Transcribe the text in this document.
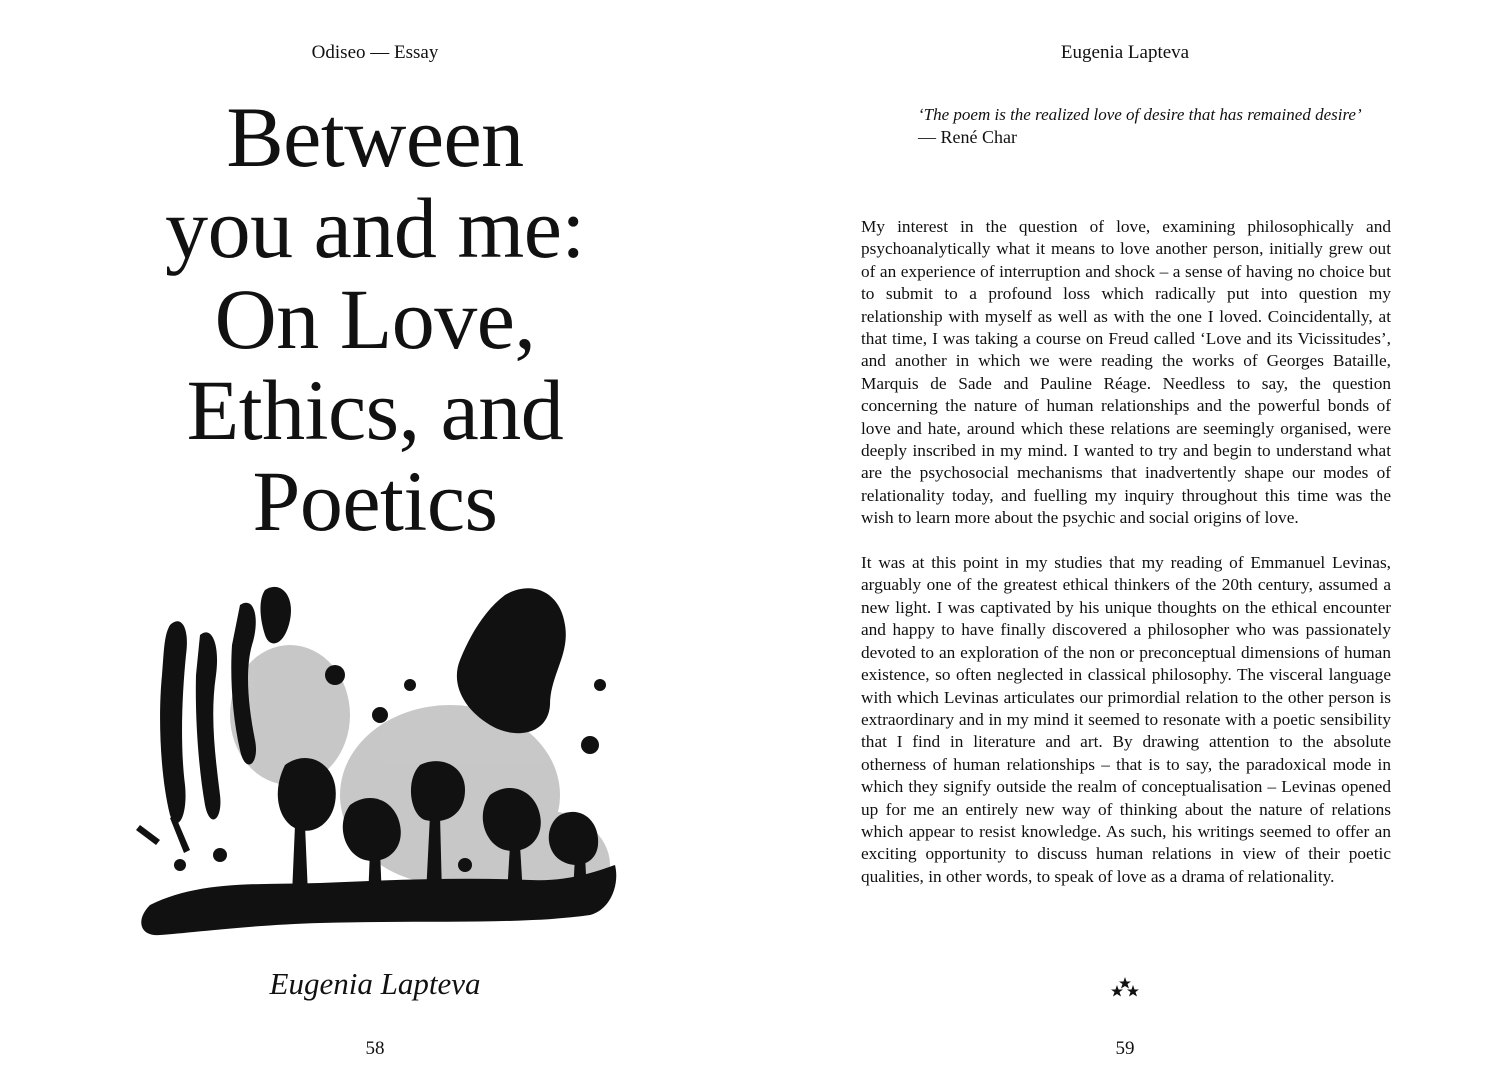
Odiseo — Essay
Between
you and me:
On Love,
Ethics, and
Poetics
Eugenia Lapteva
58
Eugenia Lapteva
‘The poem is the realized love of desire that has remained desire’
— René Char

My interest in the question of love, examining philosophically and psychoanalytically what it means to love another person, initially grew out of an experience of interruption and shock – a sense of having no choice but to submit to a profound loss which radically put into question my relationship with myself as well as with the one I loved. Coincidentally, at that time, I was taking a course on Freud called ‘Love and its Vicissitudes’, and another in which we were reading the works of Georges Bataille, Marquis de Sade and Pauline Réage. Needless to say, the question concerning the nature of human relationships and the powerful bonds of love and hate, around which these relations are seemingly organised, were deeply inscribed in my mind. I wanted to try and begin to understand what are the psychosocial mechanisms that inadvertently shape our modes of relationality today, and fuelling my inquiry throughout this time was the wish to learn more about the psychic and social origins of love.

It was at this point in my studies that my reading of Emmanuel Levinas, arguably one of the greatest ethical thinkers of the 20th century, assumed a new light. I was captivated by his unique thoughts on the ethical encounter and happy to have finally discovered a philosopher who was passionately devoted to an exploration of the non or preconceptual dimensions of human existence, so often neglected in classical philosophy. The visceral language with which Levinas articulates our primordial relation to the other person is extraordinary and in my mind it seemed to resonate with a poetic sensibility that I find in literature and art. By drawing attention to the absolute otherness of human relationships – that is to say, the paradoxical mode in which they signify outside the realm of conceptualisation – Levinas opened up for me an entirely new way of thinking about the nature of relations which appear to resist knowledge. As such, his writings seemed to offer an exciting opportunity to discuss human relations in view of their poetic qualities, in other words, to speak of love as a drama of relationality.

59
